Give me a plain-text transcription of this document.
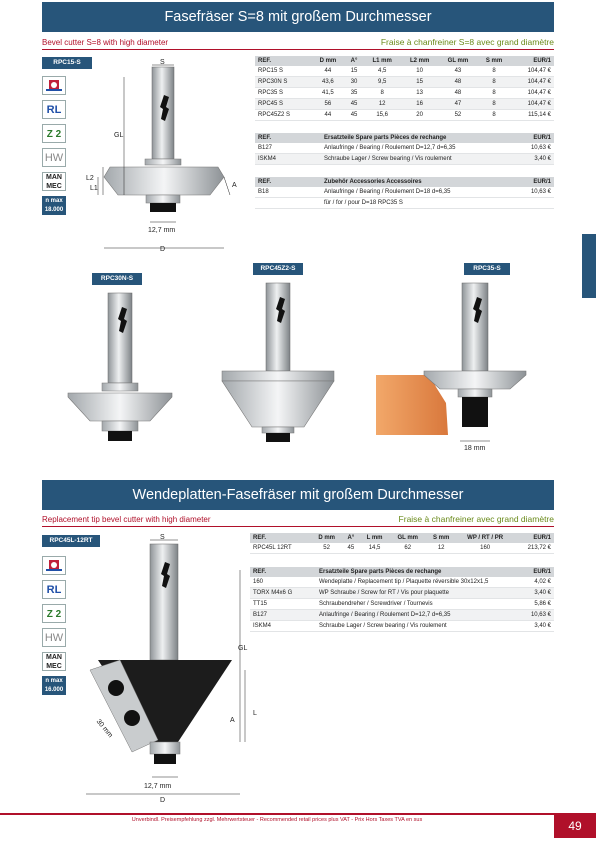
Fasefräser S=8 mit großem Durchmesser
Bevel cutter S=8 with high diameter	Fraise à chanfreiner S=8 avec grand diamètre
RPC15-S
RL
Z 2
HW
MAN
MEC
n max
18.000
S
GL
L2
L1	A
12,7 mm
D
REF.	D mm	A°	L1 mm	L2 mm	GL mm	S mm	EUR/1
RPC15 S	44	15	4,5	10	43	8	104,47 €
RPC30N S	43,6	30	9,5	15	48	8	104,47 €
RPC35 S	41,5	35	8	13	48	8	104,47 €
RPC45 S	56	45	12	16	47	8	104,47 €
RPC45Z2 S	44	45	15,6	20	52	8	115,14 €
REF.	Ersatzteile Spare parts Pièces de rechange	EUR/1
B127	Anlaufringe / Bearing / Roulement D=12,7 d=6,35	10,63 €
ISKM4	Schraube Lager / Screw bearing / Vis roulement	3,40 €
REF.	Zubehör Accessories Accessoires	EUR/1
B18	Anlaufringe / Bearing / Roulement D=18 d=6,35	10,63 €
	für / for / pour D=18 RPC35 S	
RPC30N-S
RPC45Z2-S	RPC35-S
18 mm
Wendeplatten-Fasefräser mit großem Durchmesser
Replacement tip bevel cutter with high diameter	Fraise à chanfreiner avec grand diamètre
RPC45L-12RT
RL
Z 2
HW
MAN
MEC
n max
16.000
S
GL
L
A
30 mm
12,7 mm
D
REF.	D mm	A°	L mm	GL mm	S mm	WP / RT / PR	EUR/1
RPC45L 12RT	52	45	14,5	62	12	160	213,72 €
REF.	Ersatzteile Spare parts Pièces de rechange	EUR/1
160	Wendeplatte / Replacement tip / Plaquette réversible 30x12x1,5	4,02 €
TORX M4x6 G	WP Schraube / Screw for RT / Vis pour plaquette	3,40 €
TT15	Schraubendreher / Screwdriver / Tournevis	5,86 €
B127	Anlaufringe / Bearing / Roulement D=12,7 d=6,35	10,63 €
ISKM4	Schraube Lager / Screw bearing / Vis roulement	3,40 €
Unverbindl. Preisempfehlung zzgl. Mehrwertsteuer - Recommended retail prices plus VAT - Prix Hors Taxes TVA en sus	49
